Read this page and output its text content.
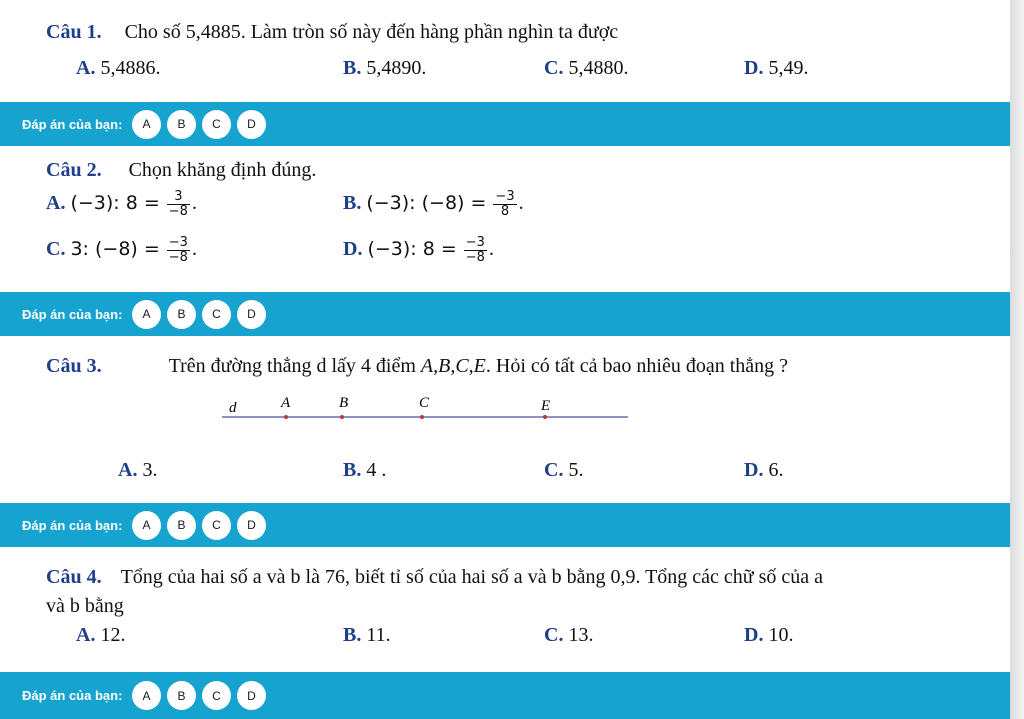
Câu 1. Cho số 5,4885. Làm tròn số này đến hàng phần nghìn ta được
A. 5,4886.	B. 5,4890.	C. 5,4880.	D. 5,49.
Đáp án của bạn:	A	B	C	D
Câu 2. Chọn khăng định đúng.
A. (−3): $8 = \frac{3}{-8}$ .	B. (−3): $(-8) = \frac{-3}{8}$ .
C. 3: $(-8) = \frac{-3}{-8}$ .	D. (−3): $8 = \frac{-3}{-8}$ .
Đáp án của bạn:	A	B	C	D
Câu 3.	Trên đường thẳng d lấy 4 điểm A,B,C,E. Hỏi có tất cả bao nhiêu đoạn thẳng ?
d	A	B	C	E
A. 3.	B. 4 .	C. 5.	D. 6.
Đáp án của bạn:	A	B	C	D
Câu 4. Tổng của hai số a và b là 76, biết tỉ số của hai số a và b bằng 0,9. Tổng các chữ số của a
và b bằng
A. 12.	B. 11.	C. 13.	D. 10.
Đáp án của bạn:	A	B	C	D
